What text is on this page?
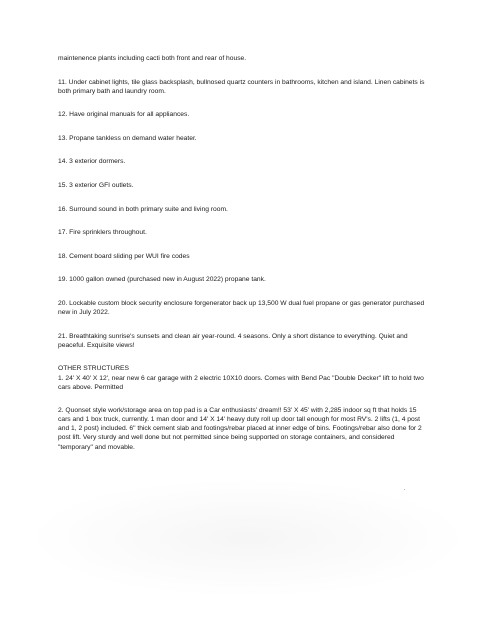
maintenence plants including cacti both front and rear of house.

11. Under cabinet lights, tile glass backsplash, bullnosed quartz counters in bathrooms, kitchen and island. Linen cabinets is both primary bath and laundry room.

12. Have original manuals for all appliances.

13. Propane tankless on demand water heater.

14. 3 exterior dormers.

15. 3 exterior GFI outlets.

16. Surround sound in both primary suite and living room.

17. Fire sprinklers throughout.

18. Cement board sliding per WUI fire codes

19. 1000 gallon owned (purchased new in August 2022) propane tank.

20. Lockable custom block security enclosure forgenerator back up 13,500 W dual fuel propane or gas generator purchased new in July 2022.

21. Breathtaking sunrise's sunsets and clean air year-round. 4 seasons. Only a short distance to everything. Quiet and peaceful. Exquisite views!

OTHER STRUCTURES

1. 24' X 40' X 12', near new 6 car garage with 2 electric 10X10 doors. Comes with Bend Pac "Double Decker" lift to hold two cars above. Permitted

2. Quonset style work/storage area on top pad is a Car enthusiasts' dream!! 53' X 45' with 2,285 indoor sq ft that holds 15 cars and 1 box truck, currently. 1 man door and 14' X 14' heavy duty roll up door tall enough for most RV's. 2 lifts (1, 4 post and 1, 2 post) included. 6" thick cement slab and footings/rebar placed at inner edge of bins. Footings/rebar also done for 2 post lift. Very sturdy and well done but not permitted since being supported on storage containers, and considered "temporary" and movable.
